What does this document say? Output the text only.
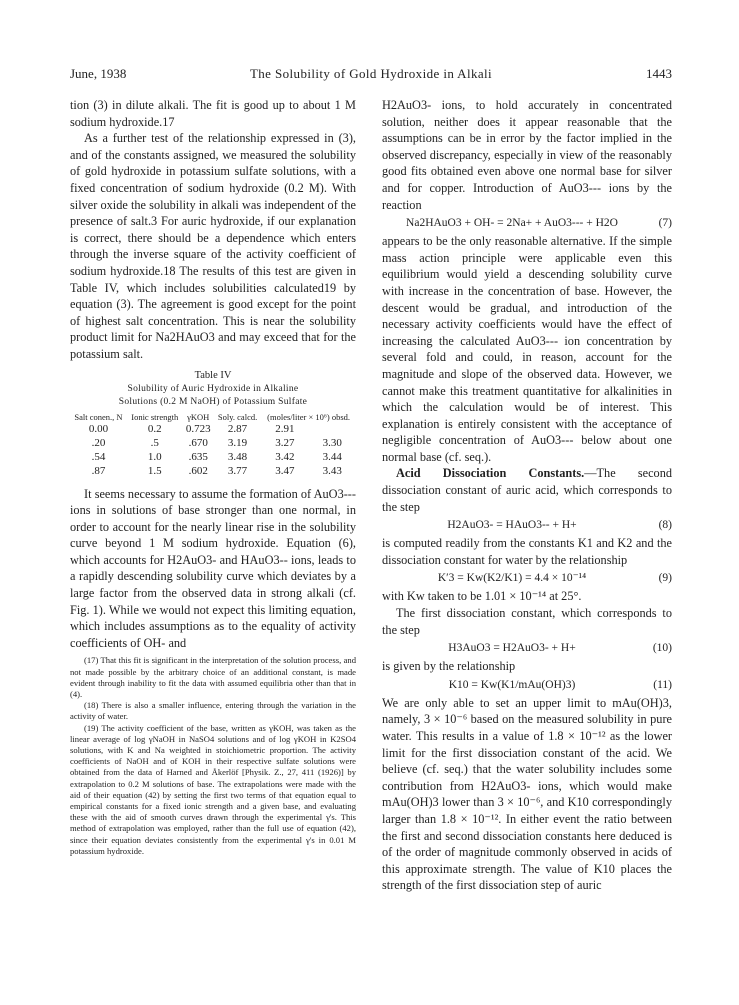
June, 1938	The Solubility of Gold Hydroxide in Alkali	1443

tion (3) in dilute alkali. The fit is good up to about 1 M sodium hydroxide.17

As a further test of the relationship expressed in (3), and of the constants assigned, we measured the solubility of gold hydroxide in potassium sulfate solutions, with a fixed concentration of sodium hydroxide (0.2 M). With silver oxide the solubility in alkali was independent of the presence of salt.3 For auric hydroxide, if our explanation is correct, there should be a dependence which enters through the inverse square of the activity coefficient of sodium hydroxide.18 The results of this test are given in Table IV, which includes solubilities calculated19 by equation (3). The agreement is good except for the point of highest salt concentration. This is near the solubility product limit for Na2HAuO3 and may exceed that for the potassium salt.

Table IV
Solubility of Auric Hydroxide in Alkaline
Solutions (0.2 M NaOH) of Potassium Sulfate
Salt conen., N	Ionic strength	γKOH	Soly. calcd.	(moles/liter × 10⁶) obsd.	
0.00	0.2	0.723	2.87	2.91	
.20	.5	.670	3.19	3.27	3.30
.54	1.0	.635	3.48	3.42	3.44
.87	1.5	.602	3.77	3.47	3.43

It seems necessary to assume the formation of AuO3--- ions in solutions of base stronger than one normal, in order to account for the nearly linear rise in the solubility curve beyond 1 M sodium hydroxide. Equation (6), which accounts for H2AuO3- and HAuO3-- ions, leads to a rapidly descending solubility curve which deviates by a large factor from the observed data in strong alkali (cf. Fig. 1). While we would not expect this limiting equation, which includes assumptions as to the equality of activity coefficients of OH- and

(17) That this fit is significant in the interpretation of the solution process, and not made possible by the arbitrary choice of an additional constant, is made evident through inability to fit the data with assumed equilibria other than that in (4).

(18) There is also a smaller influence, entering through the variation in the activity of water.

(19) The activity coefficient of the base, written as γKOH, was taken as the linear average of log γNaOH in NaSO4 solutions and of log γKOH in K2SO4 solutions, with K and Na weighted in stoichiometric proportion. The activity coefficients of NaOH and of KOH in their respective sulfate solutions were obtained from the data of Harned and Åkerlöf [Physik. Z., 27, 411 (1926)] by extrapolation to 0.2 M solutions of base. The extrapolations were made with the aid of their equation (42) by setting the first two terms of that equation equal to empirical constants for a fixed ionic strength and a given base, and evaluating these with the aid of smooth curves drawn through the experimental γ's. This method of extrapolation was employed, rather than the full use of equation (42), since their equation deviates consistently from the experimental γ's in 0.01 M potassium hydroxide.

H2AuO3- ions, to hold accurately in concentrated solution, neither does it appear reasonable that the assumptions can be in error by the factor implied in the observed discrepancy, especially in view of the reasonably good fits obtained even above one normal base for silver and for copper. Introduction of AuO3--- ions by the reaction

Na2HAuO3 + OH- = 2Na+ + AuO3--- + H2O	(7)

appears to be the only reasonable alternative. If the simple mass action principle were applicable even this equilibrium would yield a descending solubility curve with increase in the concentration of base. However, the descent would be gradual, and introduction of the necessary activity coefficients would have the effect of increasing the calculated AuO3--- ion concentration by several fold and could, in reason, account for the magnitude and slope of the observed data. However, we cannot make this treatment quantitative for alkalinities in which the calculation would be of interest. This explanation is entirely consistent with the acceptance of negligible concentration of AuO3--- below about one normal base (cf. seq.).

Acid Dissociation Constants.—The second dissociation constant of auric acid, which corresponds to the step

H2AuO3- = HAuO3-- + H+	(8)

is computed readily from the constants K1 and K2 and the dissociation constant for water by the relationship

K′3 = Kw(K2/K1) = 4.4 × 10⁻¹⁴	(9)

with Kw taken to be 1.01 × 10⁻¹⁴ at 25°.

The first dissociation constant, which corresponds to the step

H3AuO3 = H2AuO3- + H+	(10)

is given by the relationship

K10 = Kw(K1/mAu(OH)3)	(11)

We are only able to set an upper limit to mAu(OH)3, namely, 3 × 10⁻⁶ based on the measured solubility in pure water. This results in a value of 1.8 × 10⁻¹² as the lower limit for the first dissociation constant of the acid. We believe (cf. seq.) that the water solubility includes some contribution from H2AuO3- ions, which would make mAu(OH)3 lower than 3 × 10⁻⁶, and K10 correspondingly larger than 1.8 × 10⁻¹². In either event the ratio between the first and second dissociation constants here deduced is of the order of magnitude commonly observed in acids of this approximate strength. The value of K10 places the strength of the first dissociation step of auric
